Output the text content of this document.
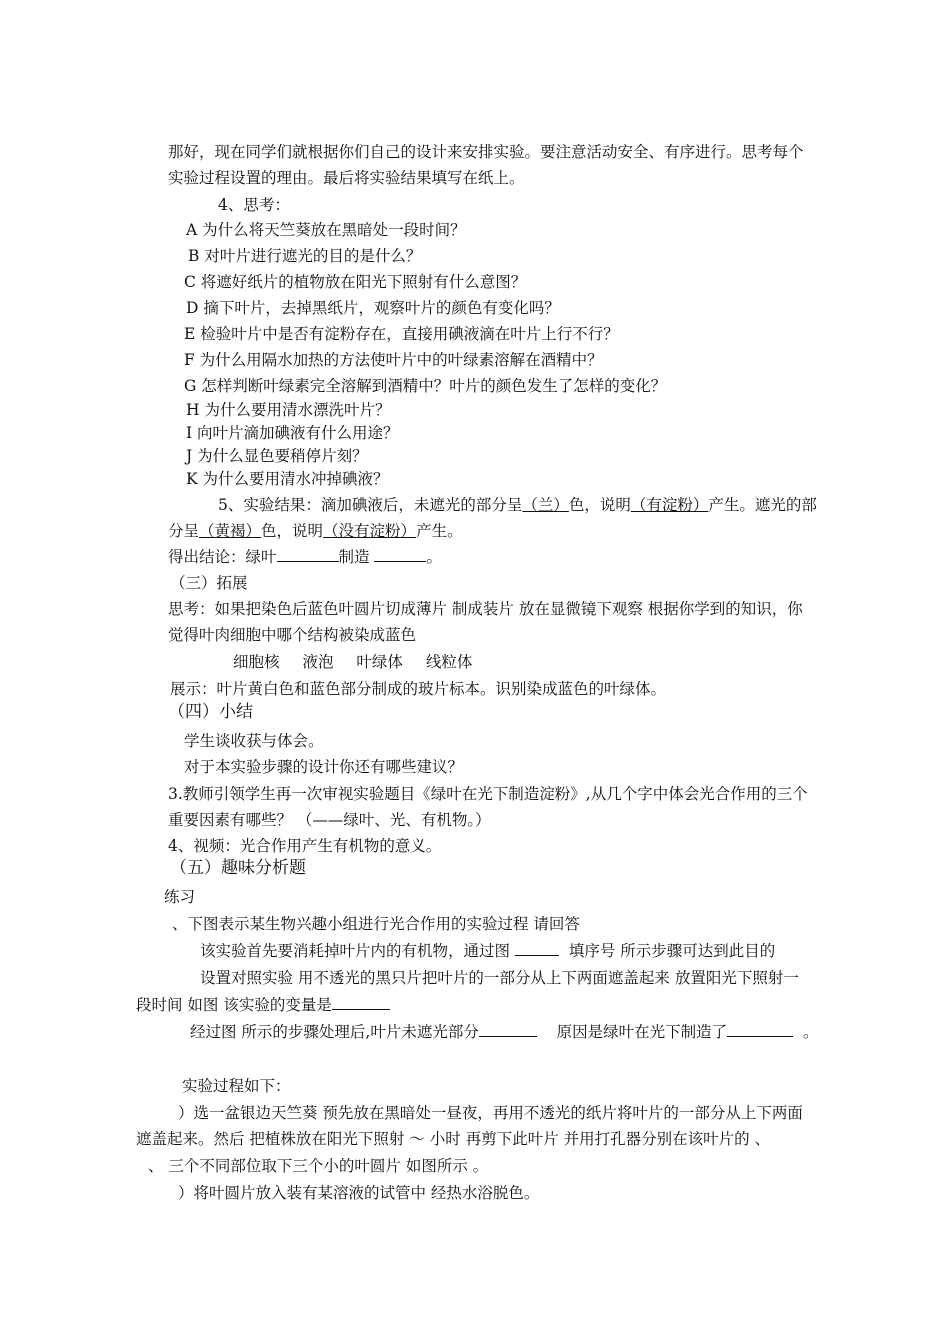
那好，现在同学们就根据你们自己的设计来安排实验。要注意活动安全、有序进行。思考每个
实验过程设置的理由。最后将实验结果填写在纸上。
4、思考：
A 为什么将天竺葵放在黑暗处一段时间？
B 对叶片进行遮光的目的是什么？
C 将遮好纸片的植物放在阳光下照射有什么意图？
D 摘下叶片，去掉黑纸片，观察叶片的颜色有变化吗？
E 检验叶片中是否有淀粉存在，直接用碘液滴在叶片上行不行？
F 为什么用隔水加热的方法使叶片中的叶绿素溶解在酒精中？
G 怎样判断叶绿素完全溶解到酒精中？叶片的颜色发生了怎样的变化？
H 为什么要用清水漂洗叶片？
I 向叶片滴加碘液有什么用途？
J 为什么显色要稍停片刻？
K 为什么要用清水冲掉碘液？
5、实验结果：滴加碘液后，未遮光的部分呈（兰）色，说明（有淀粉）产生。遮光的部
分呈（黄褐）色，说明（没有淀粉）产生。
得出结论：绿叶	制造	。
（三）拓展
思考：如果把染色后蓝色叶圆片切成薄片 制成装片 放在显微镜下观察 根据你学到的知识，你
觉得叶肉细胞中哪个结构被染成蓝色
细胞核 液泡 叶绿体 线粒体
展示：叶片黄白色和蓝色部分制成的玻片标本。识别染成蓝色的叶绿体。
（四）小结
学生谈收获与体会。
对于本实验步骤的设计你还有哪些建议？
3.教师引领学生再一次审视实验题目《绿叶在光下制造淀粉》,从几个字中体会光合作用的三个
重要因素有哪些？ （——绿叶、光、有机物。）
4、视频：光合作用产生有机物的意义。
（五）趣味分析题
练习
、下图表示某生物兴趣小组进行光合作用的实验过程 请回答
该实验首先要消耗掉叶片内的有机物，通过图	填序号 所示步骤可达到此目的
设置对照实验 用不透光的黑只片把叶片的一部分从上下两面遮盖起来 放置阳光下照射一
段时间 如图 该实验的变量是
经过图 所示的步骤处理后,叶片未遮光部分	原因是绿叶在光下制造了	。
实验过程如下：
）选一盆银边天竺葵 预先放在黑暗处一昼夜，再用不透光的纸片将叶片的一部分从上下两面
遮盖起来。然后 把植株放在阳光下照射 ～ 小时 再剪下此叶片 并用打孔器分别在该叶片的 、
、 三个不同部位取下三个小的叶圆片 如图所示 。
）将叶圆片放入装有某溶液的试管中 经热水浴脱色。
